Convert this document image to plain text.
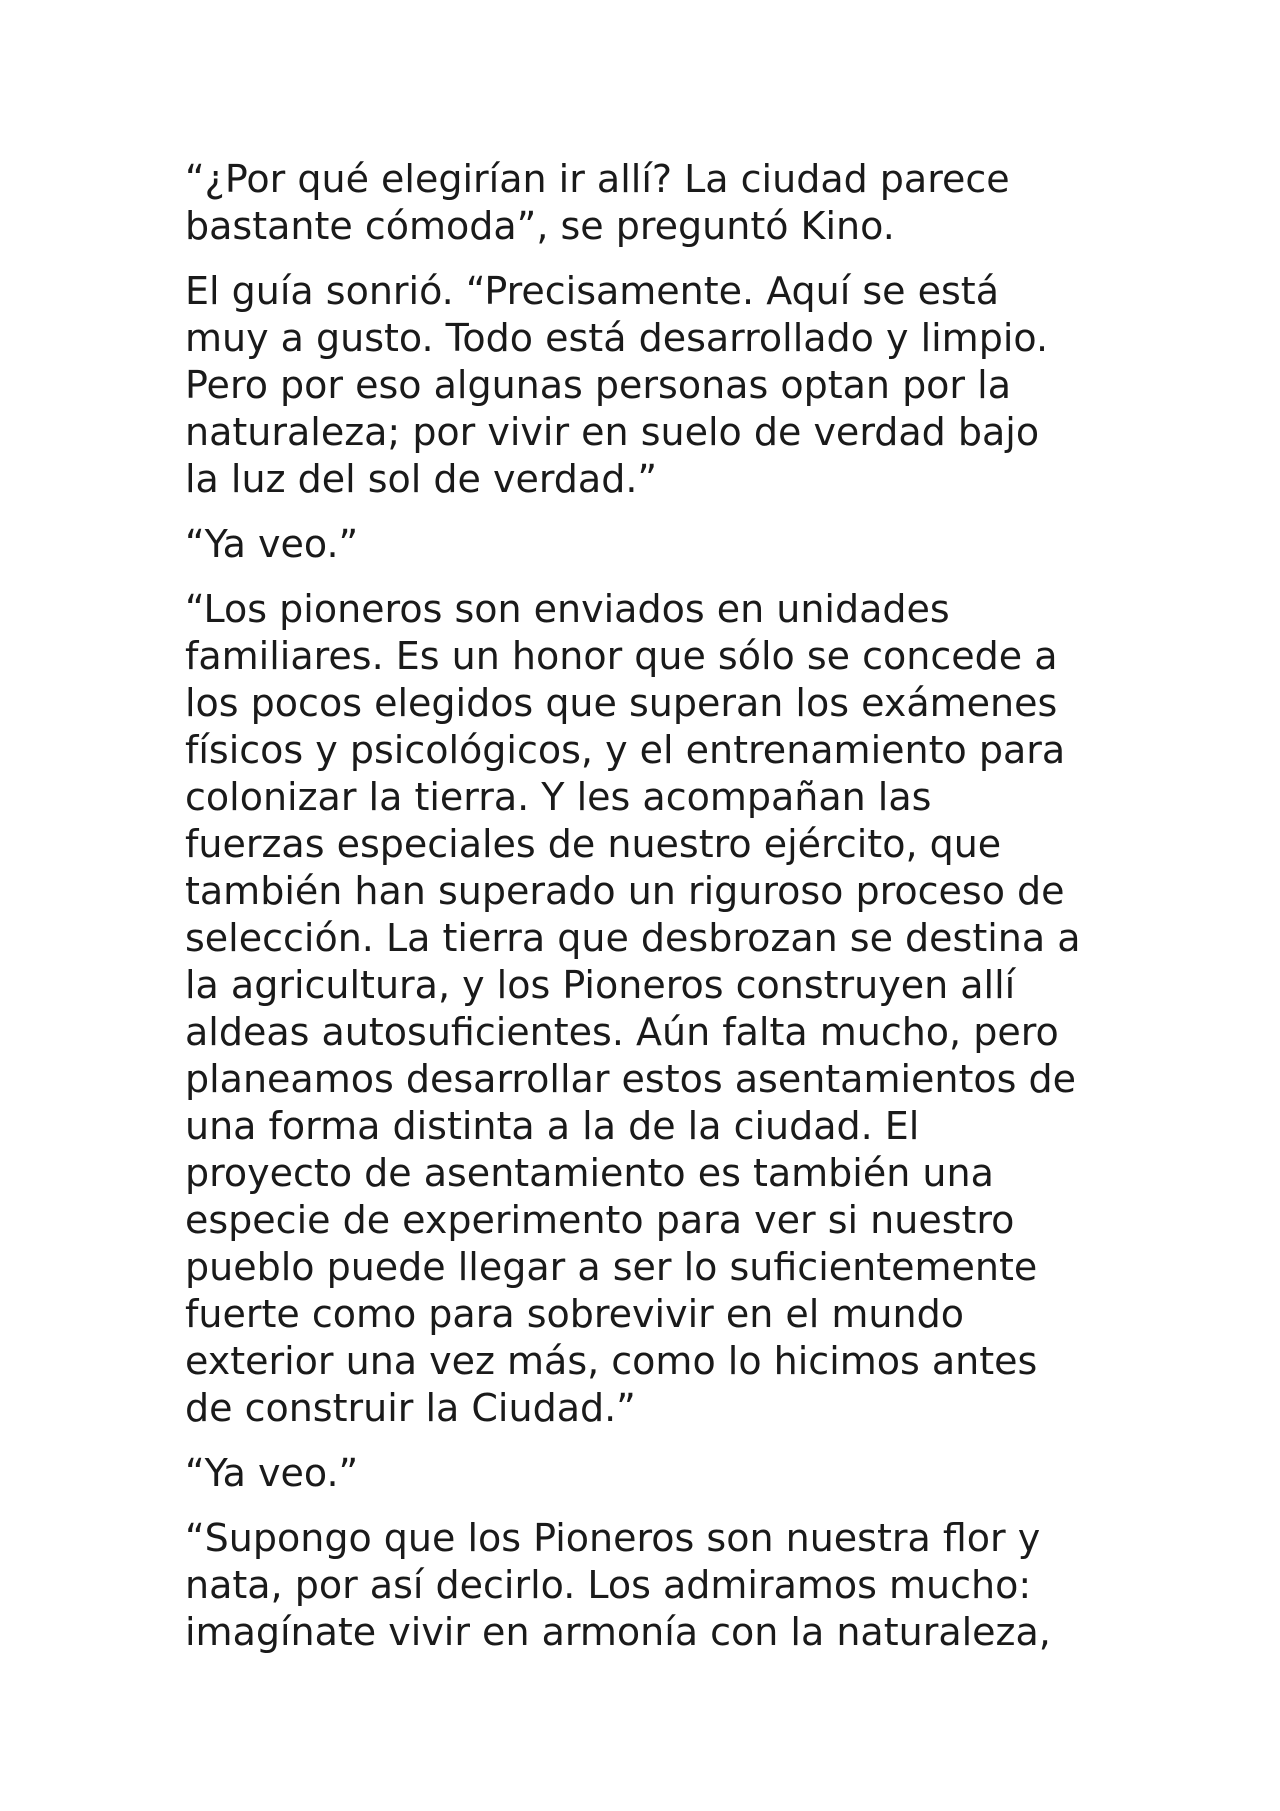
“¿Por qué elegirían ir allí? La ciudad parece
bastante cómoda”, se preguntó Kino.

El guía sonrió. “Precisamente. Aquí se está
muy a gusto. Todo está desarrollado y limpio.
Pero por eso algunas personas optan por la
naturaleza; por vivir en suelo de verdad bajo
la luz del sol de verdad.”

“Ya veo.”

“Los pioneros son enviados en unidades
familiares. Es un honor que sólo se concede a
los pocos elegidos que superan los exámenes
físicos y psicológicos, y el entrenamiento para
colonizar la tierra. Y les acompañan las
fuerzas especiales de nuestro ejército, que
también han superado un riguroso proceso de
selección. La tierra que desbrozan se destina a
la agricultura, y los Pioneros construyen allí
aldeas autosuficientes. Aún falta mucho, pero
planeamos desarrollar estos asentamientos de
una forma distinta a la de la ciudad. El
proyecto de asentamiento es también una
especie de experimento para ver si nuestro
pueblo puede llegar a ser lo suficientemente
fuerte como para sobrevivir en el mundo
exterior una vez más, como lo hicimos antes
de construir la Ciudad.”

“Ya veo.”

“Supongo que los Pioneros son nuestra flor y
nata, por así decirlo. Los admiramos mucho:
imagínate vivir en armonía con la naturaleza,
